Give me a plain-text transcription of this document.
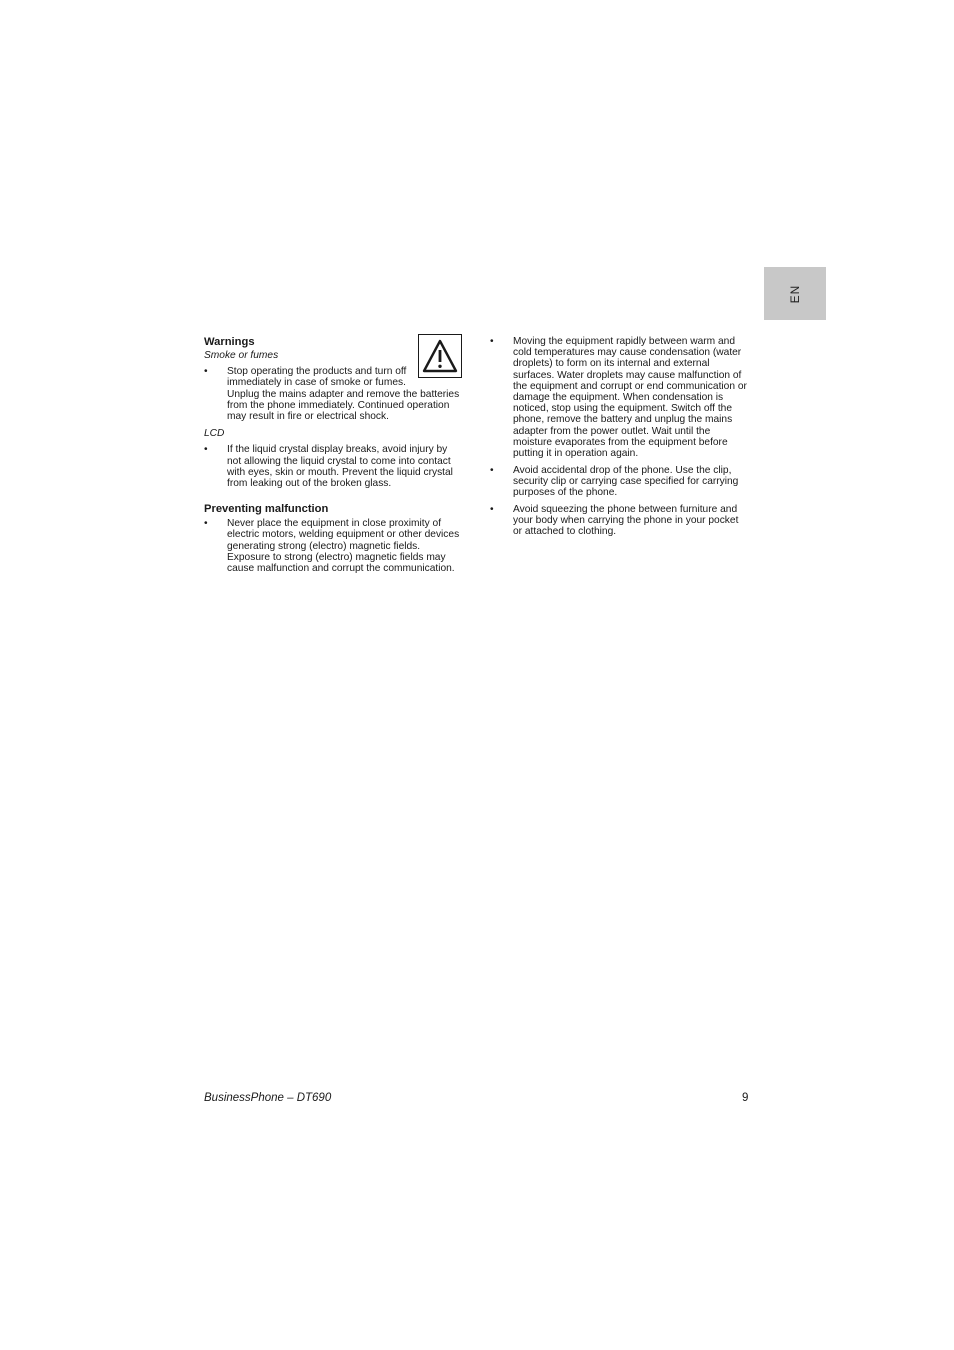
EN

Warnings

Smoke or fumes

• Stop operating the products and turn off immediately in case of smoke or fumes. Unplug the mains adapter and remove the batteries from the phone immediately. Continued operation may result in fire or electrical shock.

LCD

• If the liquid crystal display breaks, avoid injury by not allowing the liquid crystal to come into contact with eyes, skin or mouth. Prevent the liquid crystal from leaking out of the broken glass.

Preventing malfunction

• Never place the equipment in close proximity of electric motors, welding equipment or other devices generating strong (electro) magnetic fields. Exposure to strong (electro) magnetic fields may cause malfunction and corrupt the communication.
• Moving the equipment rapidly between warm and cold temperatures may cause condensation (water droplets) to form on its internal and external surfaces. Water droplets may cause malfunction of the equipment and corrupt or end communication or damage the equipment. When condensation is noticed, stop using the equipment. Switch off the phone, remove the battery and unplug the mains adapter from the power outlet. Wait until the moisture evaporates from the equipment before putting it in operation again.
• Avoid accidental drop of the phone. Use the clip, security clip or carrying case specified for carrying purposes of the phone.
• Avoid squeezing the phone between furniture and your body when carrying the phone in your pocket or attached to clothing.
BusinessPhone – DT690	9
